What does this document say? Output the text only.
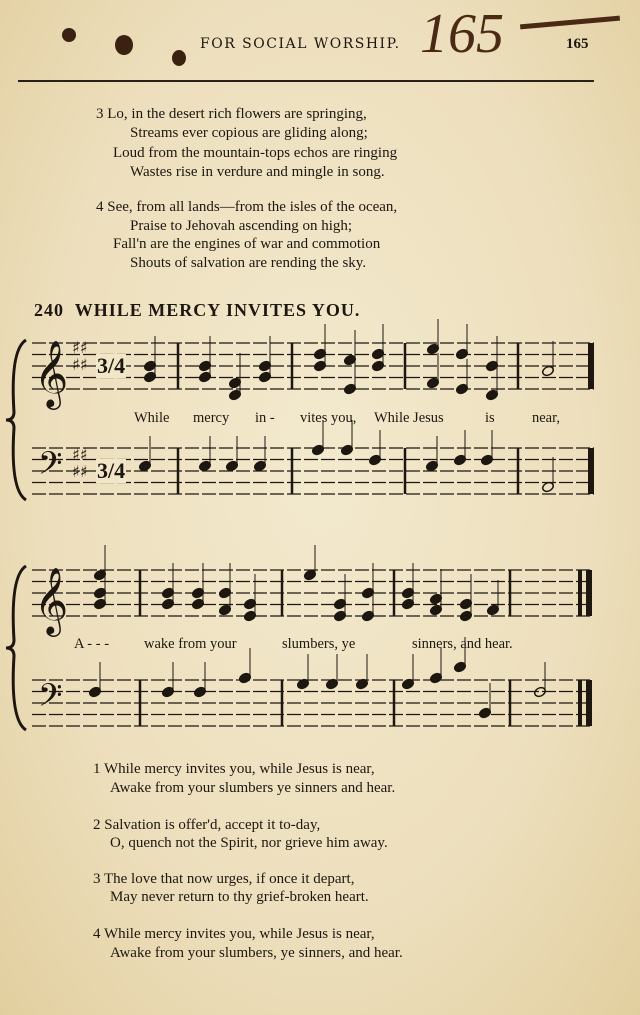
FOR SOCIAL WORSHIP. 165	165
3 Lo, in the desert rich flowers are springing,
Streams ever copious are gliding along;
Loud from the mountain-tops echos are ringing
Wastes rise in verdure and mingle in song.
4 See, from all lands—from the isles of the ocean,
Praise to Jehovah ascending on high;
Fall'n are the engines of war and commotion
Shouts of salvation are rending the sky.
240 WHILE MERCY INVITES YOU.
𝄞
𝄢
♯♯
♯♯
♯♯
♯♯
𝄞
𝄢
3/4
3/4
While mercy in - vites you, While Jesus	is	near,
A - - - wake from your	slumbers, ye	sinners, and hear.
1 While mercy invites you, while Jesus is near,
Awake from your slumbers ye sinners and hear.
2 Salvation is offer'd, accept it to-day,
O, quench not the Spirit, nor grieve him away.
3 The love that now urges, if once it depart,
May never return to thy grief-broken heart.
4 While mercy invites you, while Jesus is near,
Awake from your slumbers, ye sinners, and hear.
